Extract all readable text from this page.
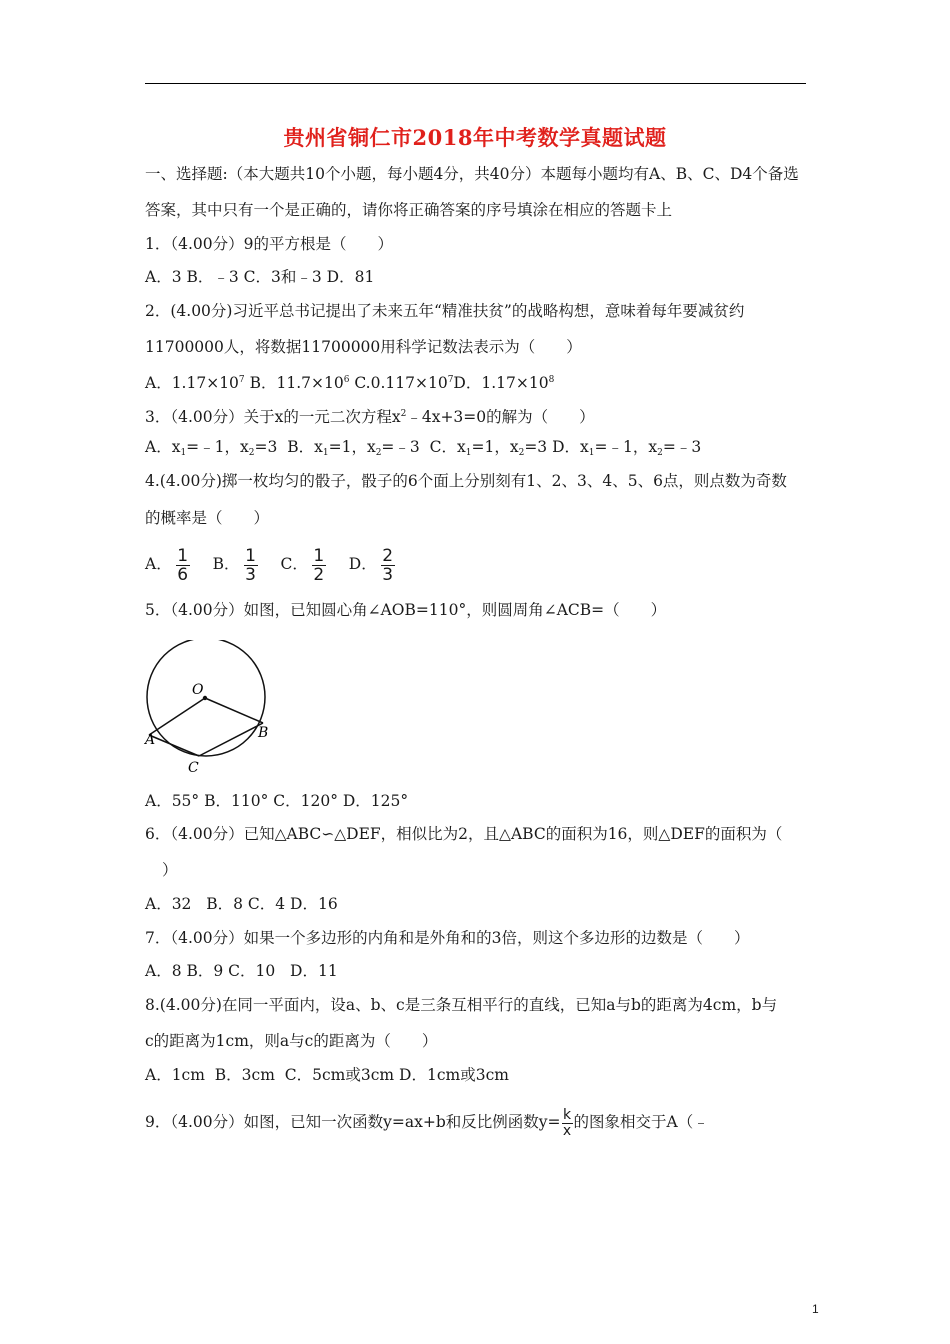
贵州省铜仁市2018年中考数学真题试题
一、选择题:（本大题共10个小题，每小题4分，共40分）本题每小题均有A、B、C、D4个备选
答案，其中只有一个是正确的，请你将正确答案的序号填涂在相应的答题卡上
1．（4.00分）9的平方根是（　　）
A．3 B．﹣3 C．3和﹣3 D．81
2．(4.00分)习近平总书记提出了未来五年“精准扶贫”的战略构想，意味着每年要减贫约
11700000人，将数据11700000用科学记数法表示为（　　）
A．$1.17\times 10^7$ B．$11.7\times 10^6$ $C.0.117\times 10^7D$．$1.17\times 10^8$
3．（4.00分）关于x的一元二次方程$x^2﹣4x+3=0$的解为（　　）
A．$x_1=﹣1$，$x_2=3$  B．$x_1=1$，$x_2=﹣3$  C．$x_1=1$，$x_2=3$ D．$x_1=﹣1$，$x_2=﹣3$
4.(4.00分)掷一枚均匀的骰子，骰子的6个面上分别刻有1、2、3、4、5、6点，则点数为奇数
的概率是（　　）
A． $\frac{1}{6}$ B． $\frac{1}{3}$ C． $\frac{1}{2}$ D． $\frac{2}{3}$
5．（4.00分）如图，已知圆心角∠AOB=110°，则圆周角∠ACB=（　　）
O
A	B
C
A．55° B．110° C．120° D．125°
6．（4.00分）已知△ABC∽△DEF，相似比为2，且△ABC的面积为16，则△DEF的面积为（
）
A．32   B．8 C．4 D．16
7．（4.00分）如果一个多边形的内角和是外角和的3倍，则这个多边形的边数是（　　）
A．8 B．9 C．10   D．11
8.(4.00分)在同一平面内，设a、b、c是三条互相平行的直线，已知a与b的距离为4cm，b与
c的距离为1cm，则a与c的距离为（　　）
A．1cm  B．3cm  C．5cm或3cm D．1cm或3cm
9．（4.00分）如图，已知一次函数y=ax+b和反比例函数$y= \frac{k}{x}$ 的图象相交于A（﹣
1
